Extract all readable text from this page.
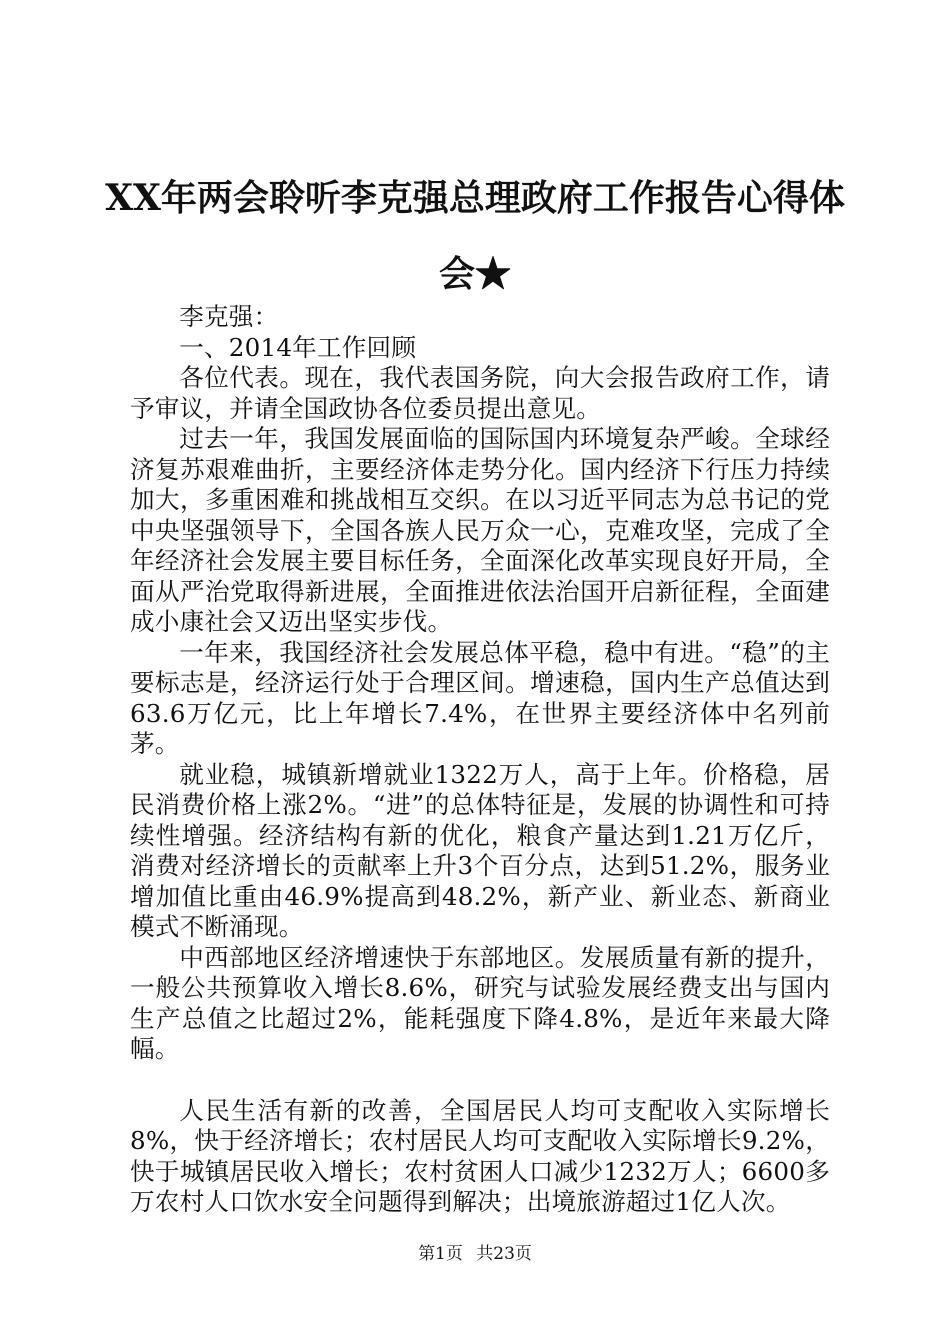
XX年两会聆听李克强总理政府工作报告心得体会★

李克强：

一、2014年工作回顾

各位代表。现在，我代表国务院，向大会报告政府工作，请予审议，并请全国政协各位委员提出意见。

过去一年，我国发展面临的国际国内环境复杂严峻。全球经济复苏艰难曲折，主要经济体走势分化。国内经济下行压力持续加大，多重困难和挑战相互交织。在以习近平同志为总书记的党中央坚强领导下，全国各族人民万众一心，克难攻坚，完成了全年经济社会发展主要目标任务，全面深化改革实现良好开局，全面从严治党取得新进展，全面推进依法治国开启新征程，全面建成小康社会又迈出坚实步伐。

一年来，我国经济社会发展总体平稳，稳中有进。“稳”的主要标志是，经济运行处于合理区间。增速稳，国内生产总值达到63.6万亿元，比上年增长7.4%，在世界主要经济体中名列前茅。

就业稳，城镇新增就业1322万人，高于上年。价格稳，居民消费价格上涨2%。“进”的总体特征是，发展的协调性和可持续性增强。经济结构有新的优化，粮食产量达到1.21万亿斤，消费对经济增长的贡献率上升3个百分点，达到51.2%，服务业增加值比重由46.9%提高到48.2%，新产业、新业态、新商业模式不断涌现。

中西部地区经济增速快于东部地区。发展质量有新的提升，一般公共预算收入增长8.6%，研究与试验发展经费支出与国内生产总值之比超过2%，能耗强度下降4.8%，是近年来最大降幅。

人民生活有新的改善，全国居民人均可支配收入实际增长8%，快于经济增长；农村居民人均可支配收入实际增长9.2%，快于城镇居民收入增长；农村贫困人口减少1232万人；6600多万农村人口饮水安全问题得到解决；出境旅游超过1亿人次。

第1页 共23页
